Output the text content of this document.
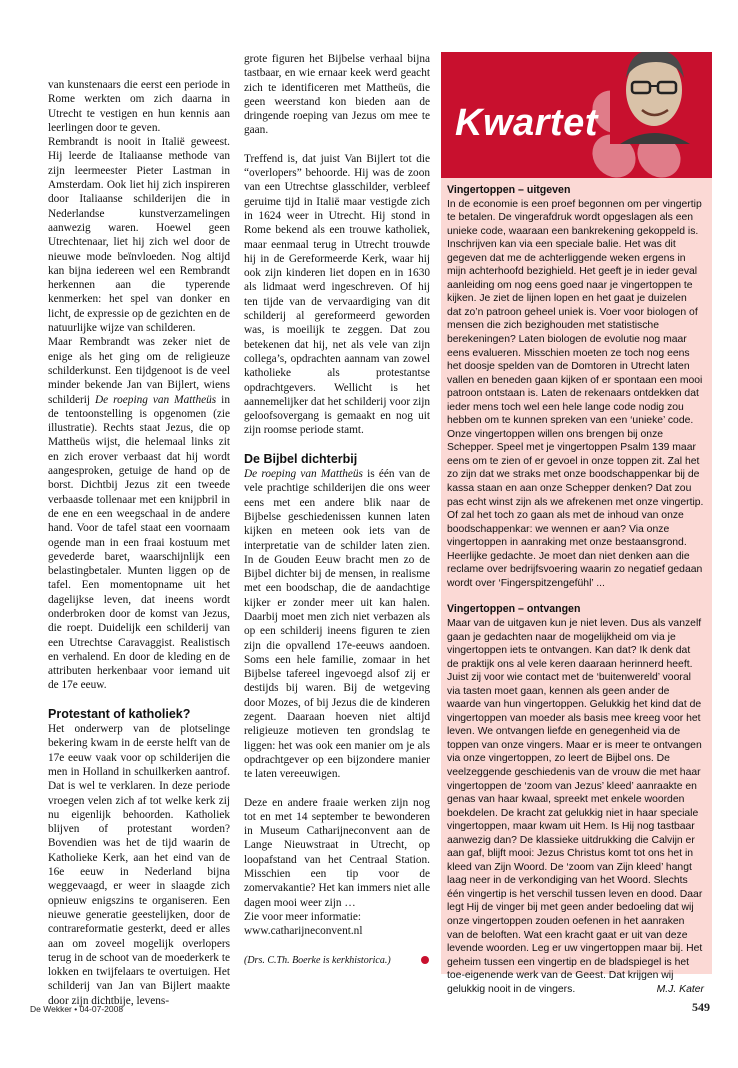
van kunstenaars die eerst een periode in Rome werkten om zich daarna in Utrecht te vestigen en hun kennis aan leerlingen door te geven.

Rembrandt is nooit in Italië geweest. Hij leerde de Italiaanse methode van zijn leermeester Pieter Lastman in Amsterdam. Ook liet hij zich inspireren door Italiaanse schilderijen die in Nederlandse kunstverzamelingen aanwezig waren. Hoewel geen Utrechtenaar, liet hij zich wel door de nieuwe mode beïnvloeden. Nog altijd kan bijna iedereen wel een Rembrandt herkennen aan die typerende kenmerken: het spel van donker en licht, de expressie op de gezichten en de natuurlijke wijze van schilderen.

Maar Rembrandt was zeker niet de enige als het ging om de religieuze schilderkunst. Een tijdgenoot is de veel minder bekende Jan van Bijlert, wiens schilderij De roeping van Mattheüs in de tentoonstelling is opgenomen (zie illustratie). Rechts staat Jezus, die op Mattheüs wijst, die helemaal links zit en zich erover verbaast dat hij wordt aangesproken, getuige de hand op de borst. Dichtbij Jezus zit een tweede verbaasde tollenaar met een knijpbril in de ene en een weegschaal in de andere hand. Voor de tafel staat een voornaam ogende man in een fraai kostuum met gevederde baret, waarschijnlijk een belastingbetaler. Munten liggen op de tafel. Een momentopname uit het dagelijkse leven, dat ineens wordt onderbroken door de komst van Jezus, die roept. Duidelijk een schilderij van een Utrechtse Caravaggist. Realistisch en verhalend. En door de kleding en de attributen herkenbaar voor iemand uit de 17e eeuw.

Protestant of katholiek?

Het onderwerp van de plotselinge bekering kwam in de eerste helft van de 17e eeuw vaak voor op schilderijen die men in Holland in schuilkerken aantrof. Dat is wel te verklaren. In deze periode vroegen velen zich af tot welke kerk zij nu eigenlijk behoorden. Katholiek blijven of protestant worden? Bovendien was het de tijd waarin de Katholieke Kerk, aan het eind van de 16e eeuw in Nederland bijna weggevaagd, er weer in slaagde zich opnieuw enigszins te organiseren. Een nieuwe generatie geestelijken, door de contrareformatie gesterkt, deed er alles aan om zoveel mogelijk overlopers terug in de schoot van de moederkerk te lokken en twijfelaars te overtuigen. Het schilderij van Jan van Bijlert maakte door zijn dichtbije, levens-

grote figuren het Bijbelse verhaal bijna tastbaar, en wie ernaar keek werd geacht zich te identificeren met Mattheüs, die geen weerstand kon bieden aan de dringende roeping van Jezus om mee te gaan.

Treffend is, dat juist Van Bijlert tot die “overlopers” behoorde. Hij was de zoon van een Utrechtse glasschilder, verbleef geruime tijd in Italië maar vestigde zich in 1624 weer in Utrecht. Hij stond in Rome bekend als een trouwe katholiek, maar eenmaal terug in Utrecht trouwde hij in de Gereformeerde Kerk, waar hij ook zijn kinderen liet dopen en in 1630 als lidmaat werd ingeschreven. Of hij ten tijde van de vervaardiging van dit schilderij al gereformeerd geworden was, is moeilijk te zeggen. Dat zou betekenen dat hij, net als vele van zijn collega’s, opdrachten aannam van zowel katholieke als protestantse opdrachtgevers. Wellicht is het aannemelijker dat het schilderij voor zijn geloofsovergang is gemaakt en nog uit zijn roomse periode stamt.

De Bijbel dichterbij

De roeping van Mattheüs is één van de vele prachtige schilderijen die ons weer eens met een andere blik naar de Bijbelse geschiedenissen kunnen laten kijken en meteen ook iets van de interpretatie van de schilder laten zien. In de Gouden Eeuw bracht men zo de Bijbel dichter bij de mensen, in realisme met een boodschap, die de aandachtige kijker er zonder meer uit kan halen. Daarbij moet men zich niet verbazen als op een schilderij ineens figuren te zien zijn die opvallend 17e-eeuws aandoen. Soms een hele familie, zomaar in het Bijbelse tafereel ingevoegd alsof zij er destijds bij waren. Bij de wetgeving door Mozes, of bij Jezus die de kinderen zegent. Daaraan hoeven niet altijd religieuze motieven ten grondslag te liggen: het was ook een manier om je als opdrachtgever op een bijzondere manier te laten vereeuwigen.

Deze en andere fraaie werken zijn nog tot en met 14 september te bewonderen in Museum Catharijneconvent aan de Lange Nieuwstraat in Utrecht, op loopafstand van het Centraal Station. Misschien een tip voor de zomervakantie? Het kan immers niet alle dagen mooi weer zijn …

Zie voor meer informatie:

www.catharijneconvent.nl

(Drs. C.Th. Boerke is kerkhistorica.)

Kwartet
Vingertoppen – uitgeven

In de economie is een proef begonnen om per vingertip te betalen. De vingerafdruk wordt opgeslagen als een unieke code, waaraan een bankrekening gekoppeld is. Inschrijven kan via een speciale balie. Het was dit gegeven dat me de achterliggende weken ergens in mijn achterhoofd bezighield. Het geeft je in ieder geval aanleiding om nog eens goed naar je vingertoppen te kijken. Je ziet de lijnen lopen en het gaat je duizelen dat zo’n patroon geheel uniek is. Voer voor biologen of mensen die zich bezighouden met statistische berekeningen? Laten biologen de evolutie nog maar eens evalueren. Misschien moeten ze toch nog eens het doosje spelden van de Domtoren in Utrecht laten vallen en beneden gaan kijken of er spontaan een mooi patroon ontstaan is. Laten de rekenaars ontdekken dat ieder mens toch wel een hele lange code nodig zou hebben om te kunnen spreken van een ‘unieke’ code. Onze vingertoppen willen ons brengen bij onze Schepper. Speel met je vingertoppen Psalm 139 maar eens om te zien of er gevoel in onze toppen zit. Zal het zo zijn dat we straks met onze boodschappenkar bij de kassa staan en aan onze Schepper denken? Dat zou pas echt winst zijn als we afrekenen met onze vingertip. Of zal het toch zo gaan als met de inhoud van onze boodschappenkar: we wennen er aan? Via onze vingertoppen in aanraking met onze bestaansgrond. Heerlijke gedachte. Je moet dan niet denken aan die reclame over bedrijfsvoering waarin zo negatief gedaan wordt over ‘Fingerspitzengefühl’ ...

Vingertoppen – ontvangen

Maar van de uitgaven kun je niet leven. Dus als vanzelf gaan je gedachten naar de mogelijkheid om via je vingertoppen iets te ontvangen. Kan dat? Ik denk dat de praktijk ons al vele keren daaraan herinnerd heeft. Juist zij voor wie contact met de ‘buitenwereld’ vooral via tasten moet gaan, kennen als geen ander de waarde van hun vingertoppen. Gelukkig het kind dat de vingertoppen van moeder als basis mee kreeg voor het leven. We ontvangen liefde en genegenheid via de toppen van onze vingers. Maar er is meer te ontvangen via onze vingertoppen, zo leert de Bijbel ons. De veelzeggende geschiedenis van de vrouw die met haar vingertoppen de ‘zoom van Jezus’ kleed’ aanraakte en genas van haar kwaal, spreekt met enkele woorden boekdelen. De kracht zat gelukkig niet in haar speciale vingertoppen, maar kwam uit Hem. Is Hij nog tastbaar aanwezig dan? De klassieke uitdrukking die Calvijn er aan gaf, blijft mooi: Jezus Christus komt tot ons het in kleed van Zijn Woord. De ‘zoom van Zijn kleed’ hangt laag neer in de verkondiging van het Woord. Slechts één vingertip is het verschil tussen leven en dood. Daar legt Hij de vinger bij met geen ander bedoeling dat wij onze vingertoppen zouden oefenen in het aanraken van de beloften. Wat een kracht gaat er uit van deze levende woorden. Leg er uw vingertoppen maar bij. Het geheim tussen een vingertip en de bladspiegel is het toe-eigenende werk van de Geest. Dat krijgen wij gelukkig nooit in de vingers.	M.J. Kater

De Wekker • 04-07-2008	549
